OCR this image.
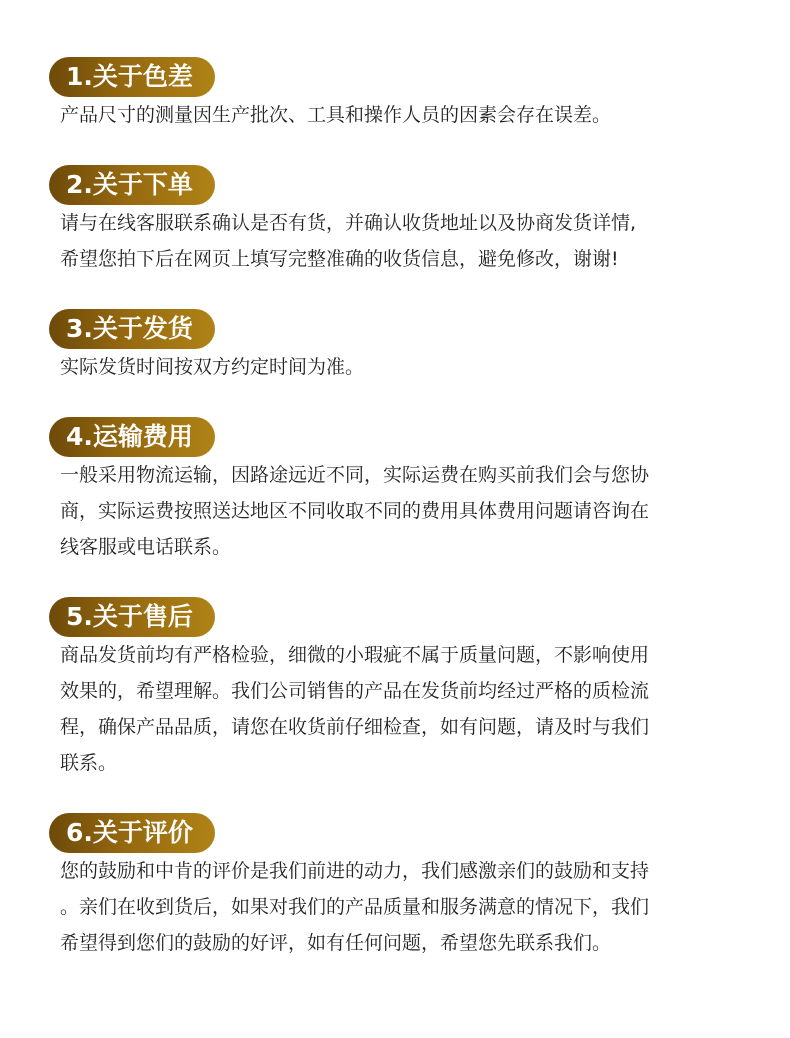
1.关于色差
产品尺寸的测量因生产批次、工具和操作人员的因素会存在误差。
2.关于下单
请与在线客服联系确认是否有货，并确认收货地址以及协商发货详情,
希望您拍下后在网页上填写完整准确的收货信息，避免修改，谢谢!
3.关于发货
实际发货时间按双方约定时间为准。
4.运输费用
一般采用物流运输，因路途远近不同，实际运费在购买前我们会与您协
商，实际运费按照送达地区不同收取不同的费用具体费用问题请咨询在
线客服或电话联系。
5.关于售后
商品发货前均有严格检验，细微的小瑕疵不属于质量问题，不影响使用
效果的，希望理解。我们公司销售的产品在发货前均经过严格的质检流
程，确保产品品质，请您在收货前仔细检查，如有问题，请及时与我们
联系。
6.关于评价
您的鼓励和中肯的评价是我们前进的动力，我们感激亲们的鼓励和支持
。亲们在收到货后，如果对我们的产品质量和服务满意的情况下，我们
希望得到您们的鼓励的好评，如有任何问题，希望您先联系我们。
